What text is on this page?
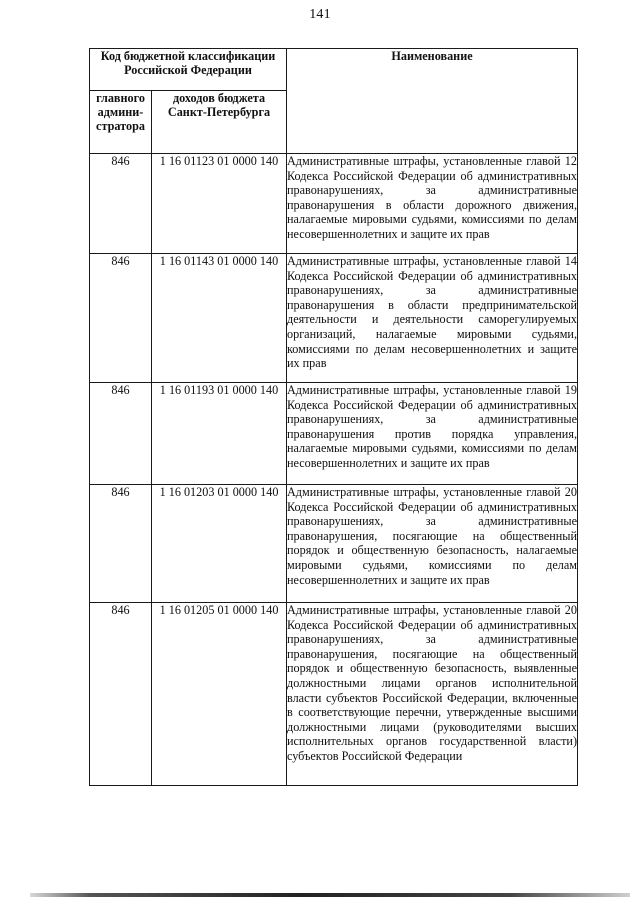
141
Код бюджетной классификации Российской Федерации		Наименование
главного админи-стратора	доходов бюджета Санкт-Петербурга	
846	1 16 01123 01 0000 140	Административные штрафы, установленные главой 12 Кодекса Российской Федерации об административных правонарушениях, за административные правонарушения в области дорожного движения, налагаемые мировыми судьями, комиссиями по делам несовершеннолетних и защите их прав
846	1 16 01143 01 0000 140	Административные штрафы, установленные главой 14 Кодекса Российской Федерации об административных правонарушениях, за административные правонарушения в области предпринимательской деятельности и деятельности саморегулируемых организаций, налагаемые мировыми судьями, комиссиями по делам несовершеннолетних и защите их прав
846	1 16 01193 01 0000 140	Административные штрафы, установленные главой 19 Кодекса Российской Федерации об административных правонарушениях, за административные правонарушения против порядка управления, налагаемые мировыми судьями, комиссиями по делам несовершеннолетних и защите их прав
846	1 16 01203 01 0000 140	Административные штрафы, установленные главой 20 Кодекса Российской Федерации об административных правонарушениях, за административные правонарушения, посягающие на общественный порядок и общественную безопасность, налагаемые мировыми судьями, комиссиями по делам несовершеннолетних и защите их прав
846	1 16 01205 01 0000 140	Административные штрафы, установленные главой 20 Кодекса Российской Федерации об административных правонарушениях, за административные правонарушения, посягающие на общественный порядок и общественную безопасность, выявленные должностными лицами органов исполнительной власти субъектов Российской Федерации, включенные в соответствующие перечни, утвержденные высшими должностными лицами (руководителями высших исполнительных органов государственной власти) субъектов Российской Федерации
